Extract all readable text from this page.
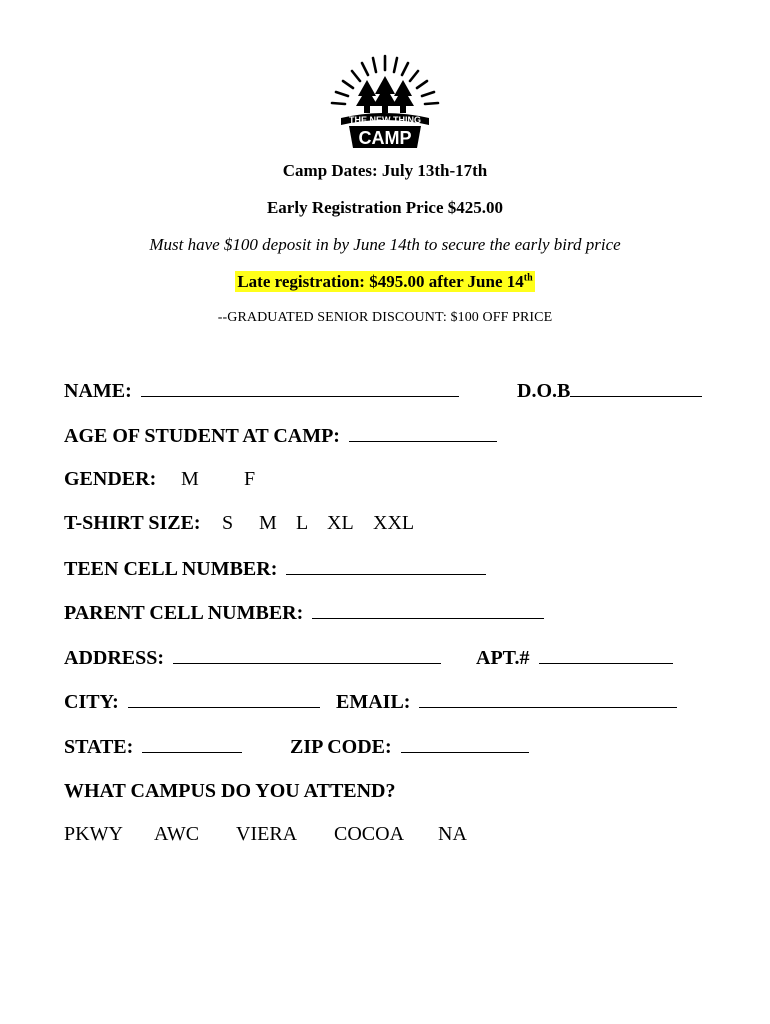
THE NEW THING
CAMP
Camp Dates: July 13th-17th
Early Registration Price $425.00
Must have $100 deposit in by June 14th to secure the early bird price
Late registration: $495.00 after June 14th
--GRADUATED SENIOR DISCOUNT: $100 OFF PRICE
NAME:	D.O.B
AGE OF STUDENT AT CAMP:
GENDER: M F
T-SHIRT SIZE: S M L XL XXL
TEEN CELL NUMBER:
PARENT CELL NUMBER:
ADDRESS:	APT.#
CITY:	EMAIL:
STATE:	ZIP CODE:
WHAT CAMPUS DO YOU ATTEND?
PKWY AWC VIERA COCOA NA
